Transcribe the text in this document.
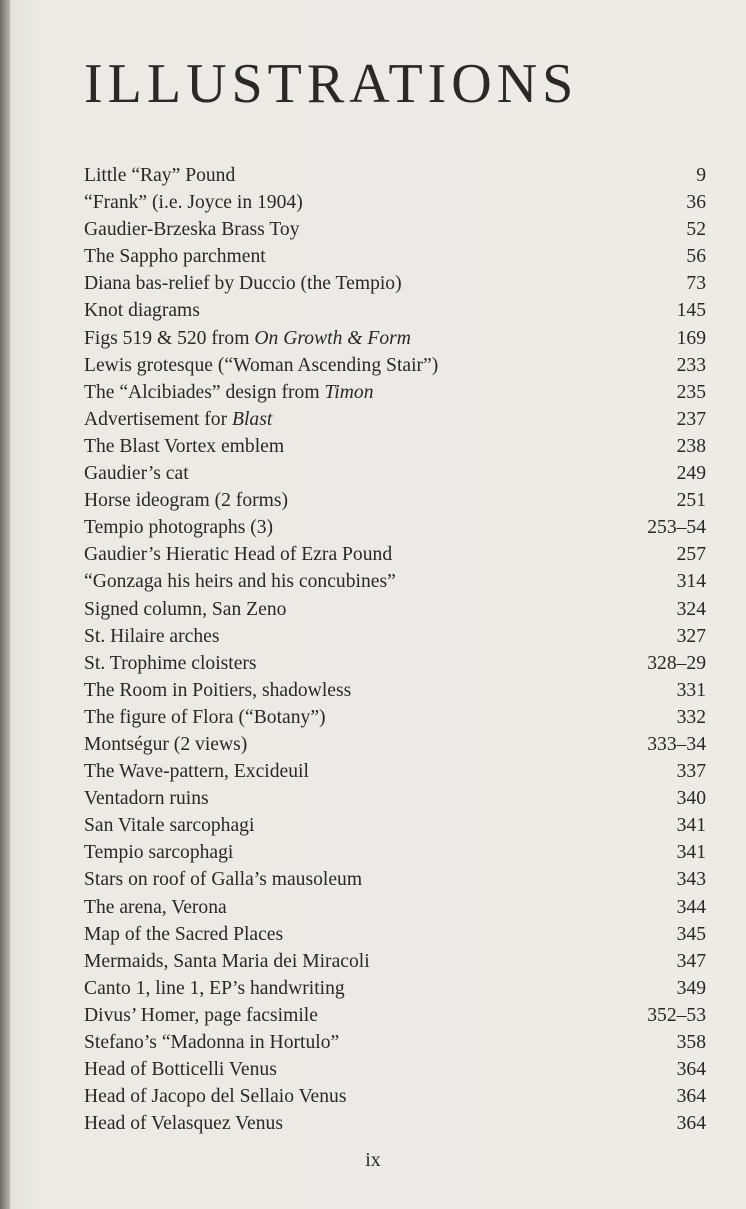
ILLUSTRATIONS
Little “Ray” Pound	9
“Frank” (i.e. Joyce in 1904)	36
Gaudier-Brzeska Brass Toy	52
The Sappho parchment	56
Diana bas-relief by Duccio (the Tempio)	73
Knot diagrams	145
Figs 519 & 520 from On Growth & Form	169
Lewis grotesque (“Woman Ascending Stair”)	233
The “Alcibiades” design from Timon	235
Advertisement for Blast	237
The Blast Vortex emblem	238
Gaudier’s cat	249
Horse ideogram (2 forms)	251
Tempio photographs (3)	253–54
Gaudier’s Hieratic Head of Ezra Pound	257
“Gonzaga his heirs and his concubines”	314
Signed column, San Zeno	324
St. Hilaire arches	327
St. Trophime cloisters	328–29
The Room in Poitiers, shadowless	331
The figure of Flora (“Botany”)	332
Montségur (2 views)	333–34
The Wave-pattern, Excideuil	337
Ventadorn ruins	340
San Vitale sarcophagi	341
Tempio sarcophagi	341
Stars on roof of Galla’s mausoleum	343
The arena, Verona	344
Map of the Sacred Places	345
Mermaids, Santa Maria dei Miracoli	347
Canto 1, line 1, EP’s handwriting	349
Divus’ Homer, page facsimile	352–53
Stefano’s “Madonna in Hortulo”	358
Head of Botticelli Venus	364
Head of Jacopo del Sellaio Venus	364
Head of Velasquez Venus	364
ix
